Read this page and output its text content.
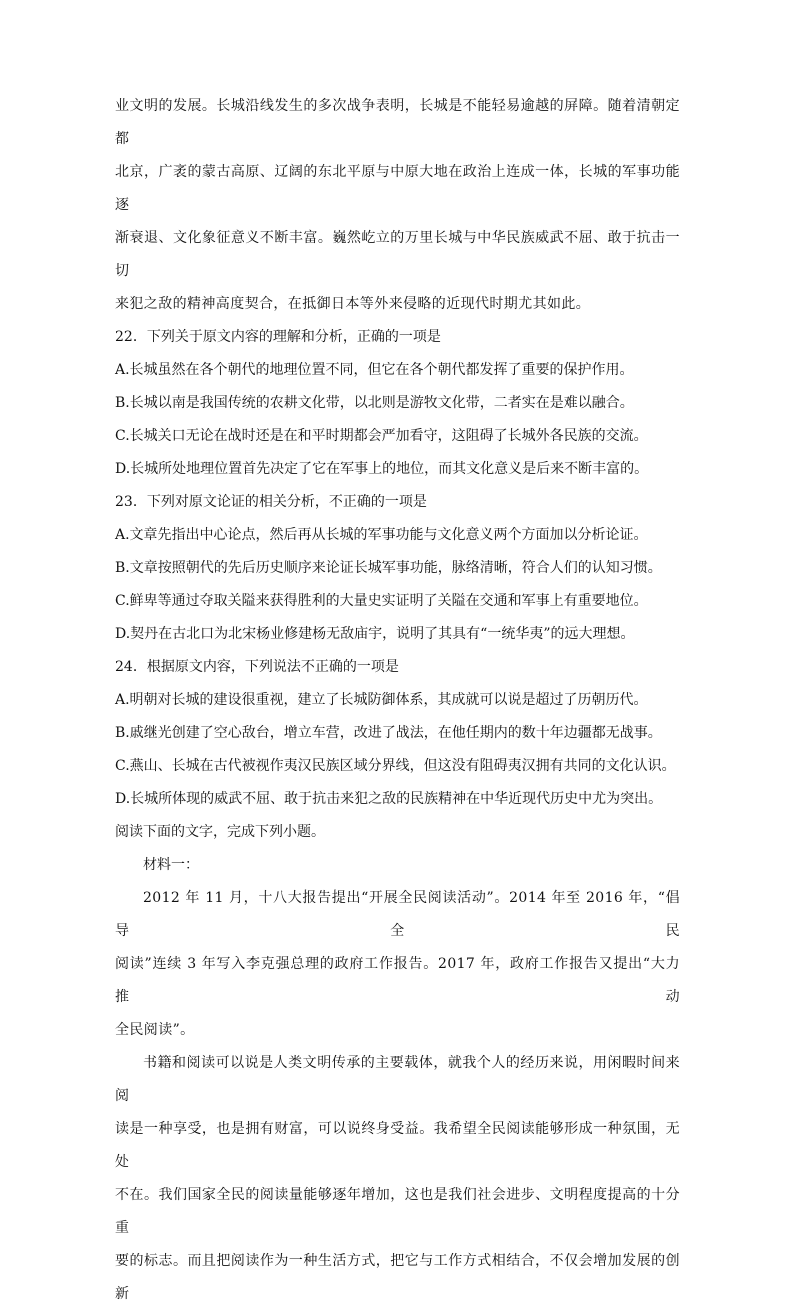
业文明的发展。长城沿线发生的多次战争表明，长城是不能轻易逾越的屏障。随着清朝定都
北京，广袤的蒙古高原、辽阔的东北平原与中原大地在政治上连成一体，长城的军事功能逐
渐衰退、文化象征意义不断丰富。巍然屹立的万里长城与中华民族威武不屈、敢于抗击一切
来犯之敌的精神高度契合，在抵御日本等外来侵略的近现代时期尤其如此。

22．下列关于原文内容的理解和分析，正确的一项是

A.长城虽然在各个朝代的地理位置不同，但它在各个朝代都发挥了重要的保护作用。

B.长城以南是我国传统的农耕文化带，以北则是游牧文化带，二者实在是难以融合。

C.长城关口无论在战时还是在和平时期都会严加看守，这阻碍了长城外各民族的交流。

D.长城所处地理位置首先决定了它在军事上的地位，而其文化意义是后来不断丰富的。

23．下列对原文论证的相关分析，不正确的一项是

A.文章先指出中心论点，然后再从长城的军事功能与文化意义两个方面加以分析论证。

B.文章按照朝代的先后历史顺序来论证长城军事功能，脉络清晰，符合人们的认知习惯。

C.鲜卑等通过夺取关隘来获得胜利的大量史实证明了关隘在交通和军事上有重要地位。

D.契丹在古北口为北宋杨业修建杨无敌庙宇，说明了其具有“一统华夷”的远大理想。

24．根据原文内容，下列说法不正确的一项是

A.明朝对长城的建设很重视，建立了长城防御体系，其成就可以说是超过了历朝历代。

B.戚继光创建了空心敌台，增立车营，改进了战法，在他任期内的数十年边疆都无战事。

C.燕山、长城在古代被视作夷汉民族区域分界线，但这没有阻碍夷汉拥有共同的文化认识。

D.长城所体现的威武不屈、敢于抗击来犯之敌的民族精神在中华近现代历史中尤为突出。

阅读下面的文字，完成下列小题。

材料一：

2012 年 11 月，十八大报告提出“开展全民阅读活动”。2014 年至 2016 年，“倡导全民
阅读”连续 3 年写入李克强总理的政府工作报告。2017 年，政府工作报告又提出“大力推动
全民阅读”。
书籍和阅读可以说是人类文明传承的主要载体，就我个人的经历来说，用闲暇时间来阅
读是一种享受，也是拥有财富，可以说终身受益。我希望全民阅读能够形成一种氛围，无处
不在。我们国家全民的阅读量能够逐年增加，这也是我们社会进步、文明程度提高的十分重
要的标志。而且把阅读作为一种生活方式，把它与工作方式相结合，不仅会增加发展的创新
